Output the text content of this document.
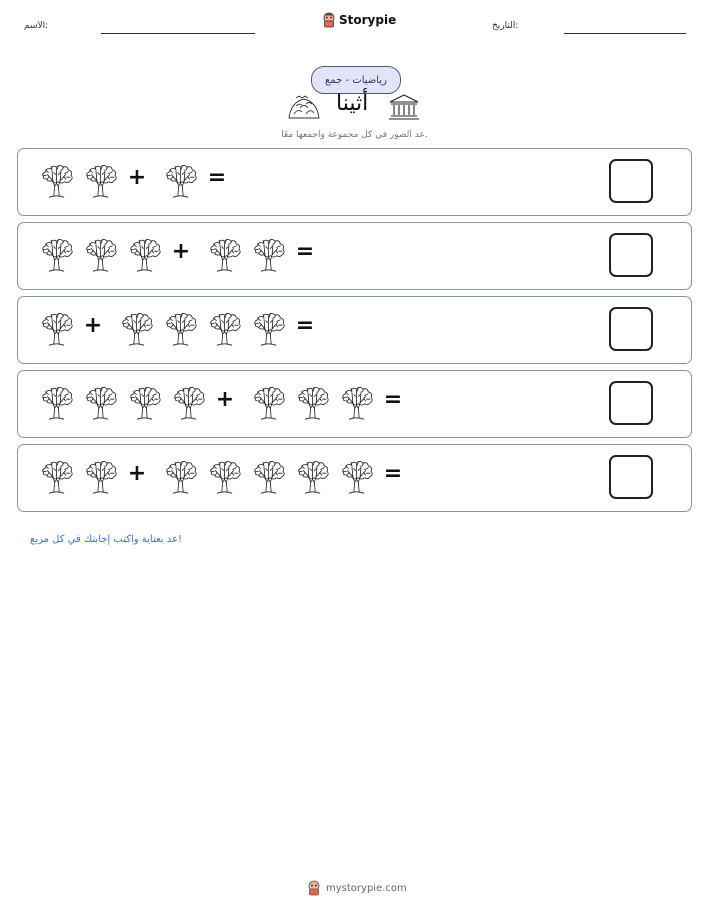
الاسم:	Storypie	التاريخ:
رياضيات - جمع
أثينا
عد الصور في كل مجموعة واجمعها معًا.
+	=
+	=
+	=
+	=
+	=
عد بعناية واكتب إجابتك في كل مربع!
mystorypie.com
